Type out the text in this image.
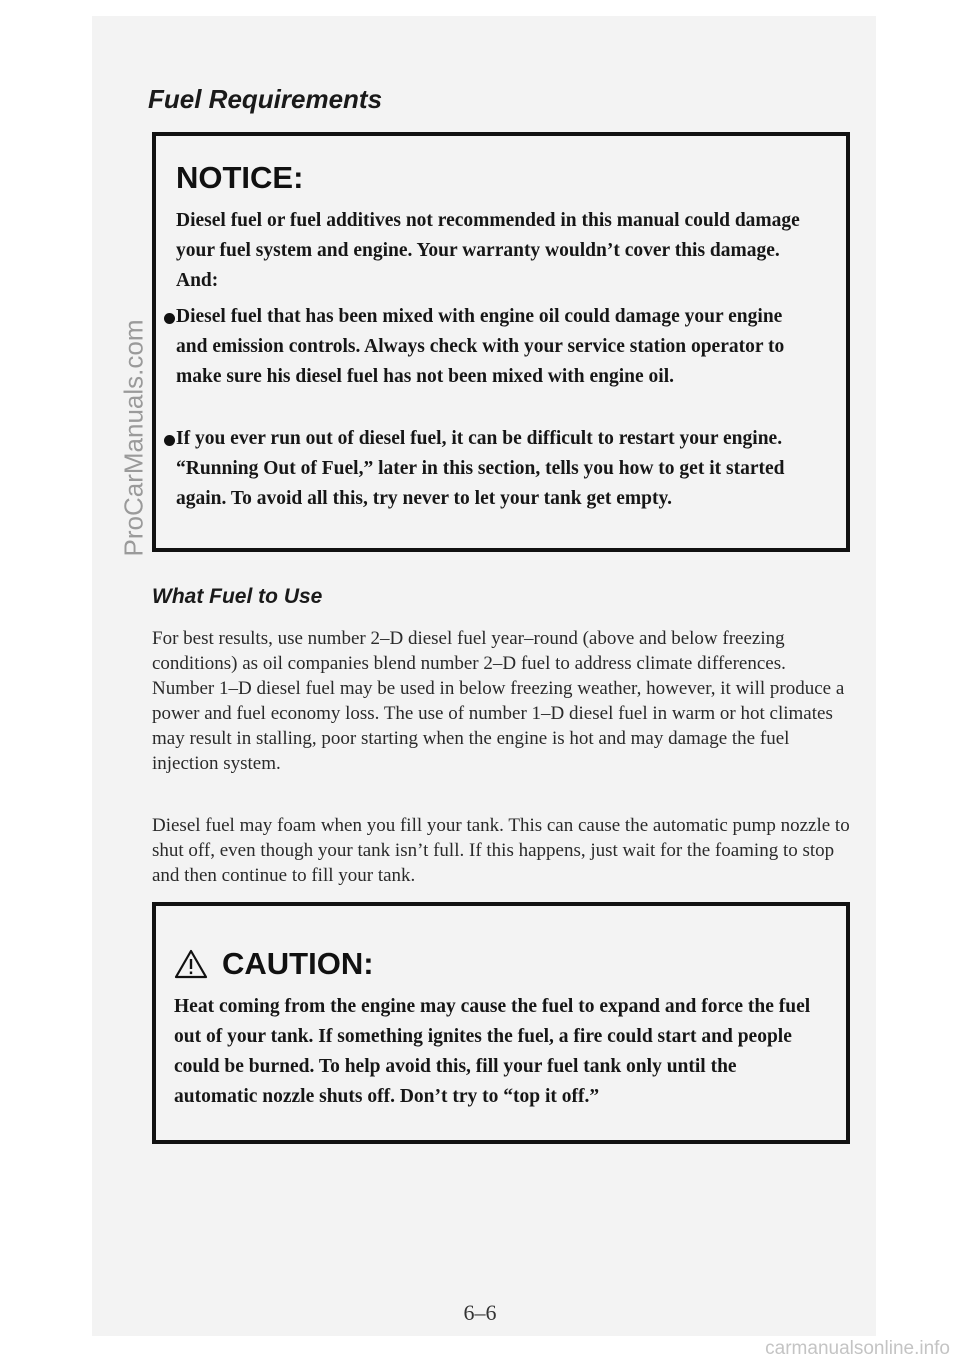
Fuel Requirements
NOTICE:

Diesel fuel or fuel additives not recommended in this manual could damage your fuel system and engine. Your warranty wouldn’t cover this damage. And:

Diesel fuel that has been mixed with engine oil could damage your engine and emission controls. Always check with your service station operator to make sure his diesel fuel has not been mixed with engine oil.

If you ever run out of diesel fuel, it can be difficult to restart your engine. “Running Out of Fuel,” later in this section, tells you how to get it started again. To avoid all this, try never to let your tank get empty.

What Fuel to Use

For best results, use number 2–D diesel fuel year–round (above and below freezing conditions) as oil companies blend number 2–D fuel to address climate differences. Number 1–D diesel fuel may be used in below freezing weather, however, it will produce a power and fuel economy loss. The use of number 1–D diesel fuel in warm or hot climates may result in stalling, poor starting when the engine is hot and may damage the fuel injection system.

Diesel fuel may foam when you fill your tank. This can cause the automatic pump nozzle to shut off, even though your tank isn’t full. If this happens, just wait for the foaming to stop and then continue to fill your tank.

CAUTION:

Heat coming from the engine may cause the fuel to expand and force the fuel out of your tank. If something ignites the fuel, a fire could start and people could be burned. To help avoid this, fill your fuel tank only until the automatic nozzle shuts off. Don’t try to “top it off.”

6–6
ProCarManuals.com
carmanualsonline.info
